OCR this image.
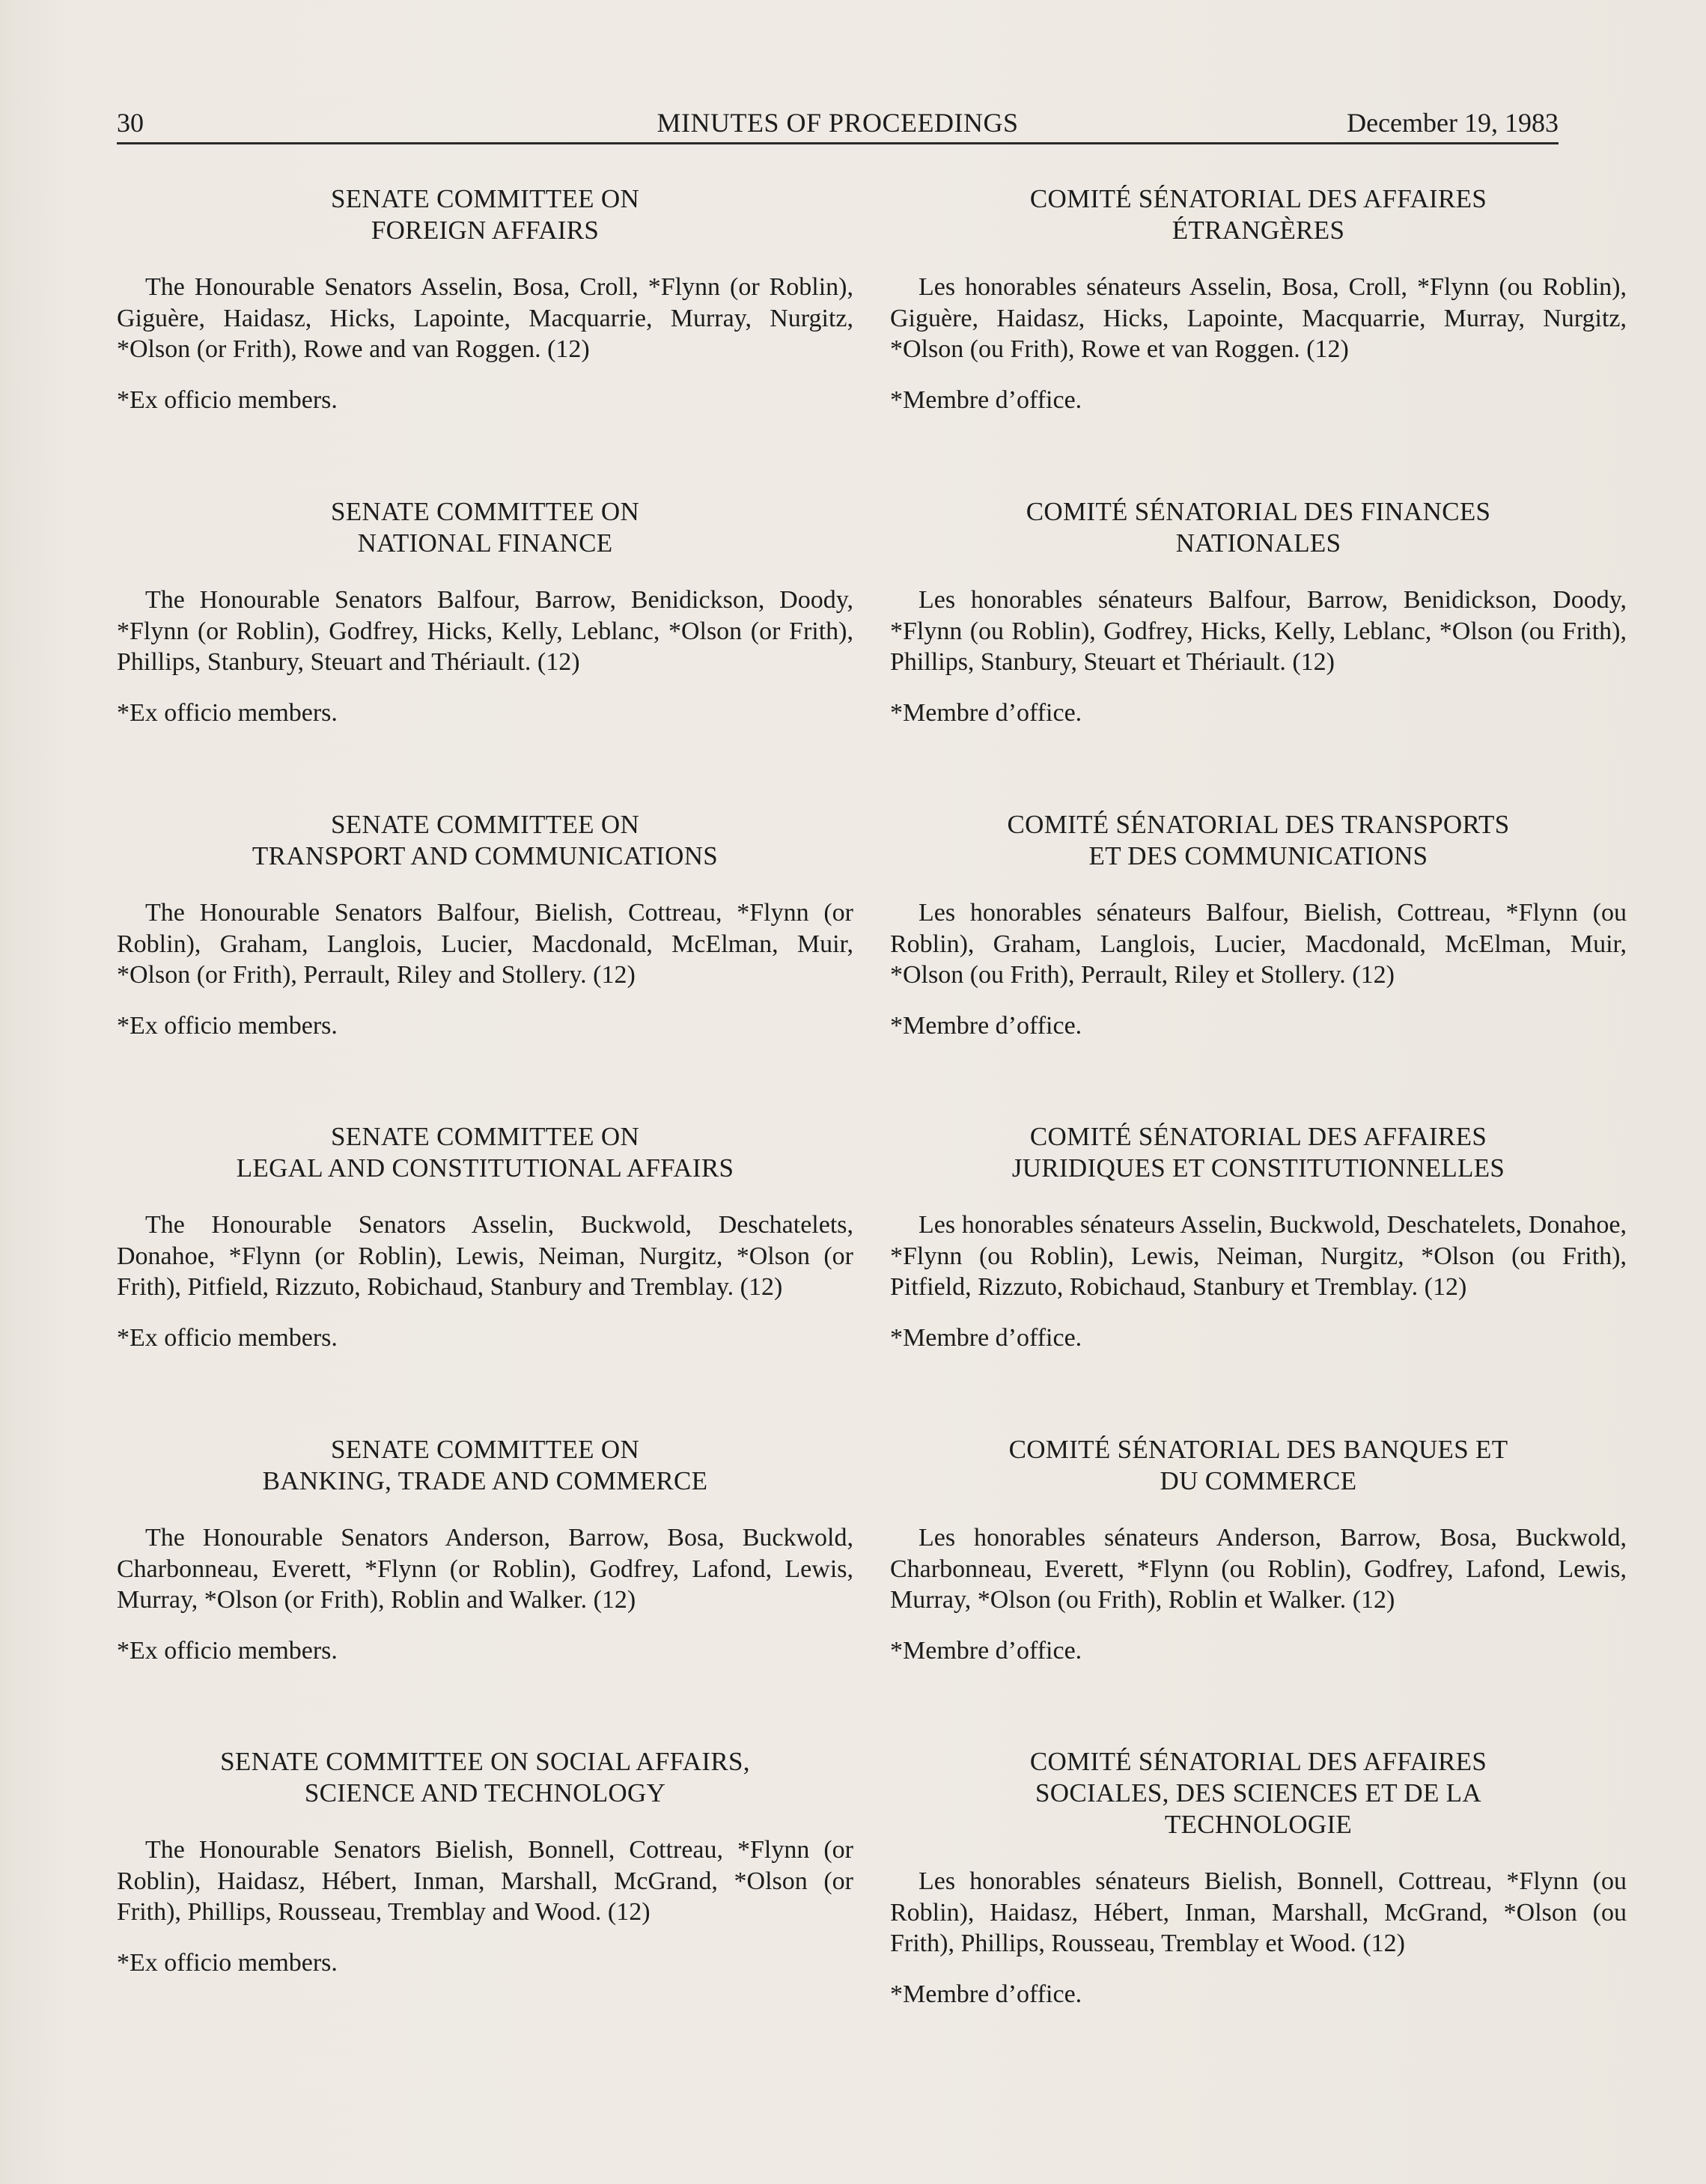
30	MINUTES OF PROCEEDINGS	December 19, 1983
SENATE COMMITTEE ON
FOREIGN AFFAIRS
The Honourable Senators Asselin, Bosa, Croll, *Flynn (or Roblin), Giguère, Haidasz, Hicks, Lapointe, Macquarrie, Murray, Nurgitz, *Olson (or Frith), Rowe and van Roggen. (12)
*Ex officio members.
SENATE COMMITTEE ON
NATIONAL FINANCE
The Honourable Senators Balfour, Barrow, Benidickson, Doody, *Flynn (or Roblin), Godfrey, Hicks, Kelly, Leblanc, *Olson (or Frith), Phillips, Stanbury, Steuart and Thériault. (12)
*Ex officio members.
SENATE COMMITTEE ON
TRANSPORT AND COMMUNICATIONS
The Honourable Senators Balfour, Bielish, Cottreau, *Flynn (or Roblin), Graham, Langlois, Lucier, Macdonald, McElman, Muir, *Olson (or Frith), Perrault, Riley and Stollery. (12)
*Ex officio members.
SENATE COMMITTEE ON
LEGAL AND CONSTITUTIONAL AFFAIRS
The Honourable Senators Asselin, Buckwold, Deschatelets, Donahoe, *Flynn (or Roblin), Lewis, Neiman, Nurgitz, *Olson (or Frith), Pitfield, Rizzuto, Robichaud, Stanbury and Tremblay. (12)
*Ex officio members.
SENATE COMMITTEE ON
BANKING, TRADE AND COMMERCE
The Honourable Senators Anderson, Barrow, Bosa, Buckwold, Charbonneau, Everett, *Flynn (or Roblin), Godfrey, Lafond, Lewis, Murray, *Olson (or Frith), Roblin and Walker. (12)
*Ex officio members.
SENATE COMMITTEE ON SOCIAL AFFAIRS,
SCIENCE AND TECHNOLOGY
The Honourable Senators Bielish, Bonnell, Cottreau, *Flynn (or Roblin), Haidasz, Hébert, Inman, Marshall, McGrand, *Olson (or Frith), Phillips, Rousseau, Tremblay and Wood. (12)
*Ex officio members.
COMITÉ SÉNATORIAL DES AFFAIRES
ÉTRANGÈRES
Les honorables sénateurs Asselin, Bosa, Croll, *Flynn (ou Roblin), Giguère, Haidasz, Hicks, Lapointe, Macquarrie, Murray, Nurgitz, *Olson (ou Frith), Rowe et van Roggen. (12)
*Membre d’office.
COMITÉ SÉNATORIAL DES FINANCES
NATIONALES
Les honorables sénateurs Balfour, Barrow, Benidickson, Doody, *Flynn (ou Roblin), Godfrey, Hicks, Kelly, Leblanc, *Olson (ou Frith), Phillips, Stanbury, Steuart et Thériault. (12)
*Membre d’office.
COMITÉ SÉNATORIAL DES TRANSPORTS
ET DES COMMUNICATIONS
Les honorables sénateurs Balfour, Bielish, Cottreau, *Flynn (ou Roblin), Graham, Langlois, Lucier, Macdonald, McElman, Muir, *Olson (ou Frith), Perrault, Riley et Stollery. (12)
*Membre d’office.
COMITÉ SÉNATORIAL DES AFFAIRES
JURIDIQUES ET CONSTITUTIONNELLES
Les honorables sénateurs Asselin, Buckwold, Deschatelets, Donahoe, *Flynn (ou Roblin), Lewis, Neiman, Nurgitz, *Olson (ou Frith), Pitfield, Rizzuto, Robichaud, Stanbury et Tremblay. (12)
*Membre d’office.
COMITÉ SÉNATORIAL DES BANQUES ET
DU COMMERCE
Les honorables sénateurs Anderson, Barrow, Bosa, Buckwold, Charbonneau, Everett, *Flynn (ou Roblin), Godfrey, Lafond, Lewis, Murray, *Olson (ou Frith), Roblin et Walker. (12)
*Membre d’office.
COMITÉ SÉNATORIAL DES AFFAIRES
SOCIALES, DES SCIENCES ET DE LA
TECHNOLOGIE
Les honorables sénateurs Bielish, Bonnell, Cottreau, *Flynn (ou Roblin), Haidasz, Hébert, Inman, Marshall, McGrand, *Olson (ou Frith), Phillips, Rousseau, Tremblay et Wood. (12)
*Membre d’office.
